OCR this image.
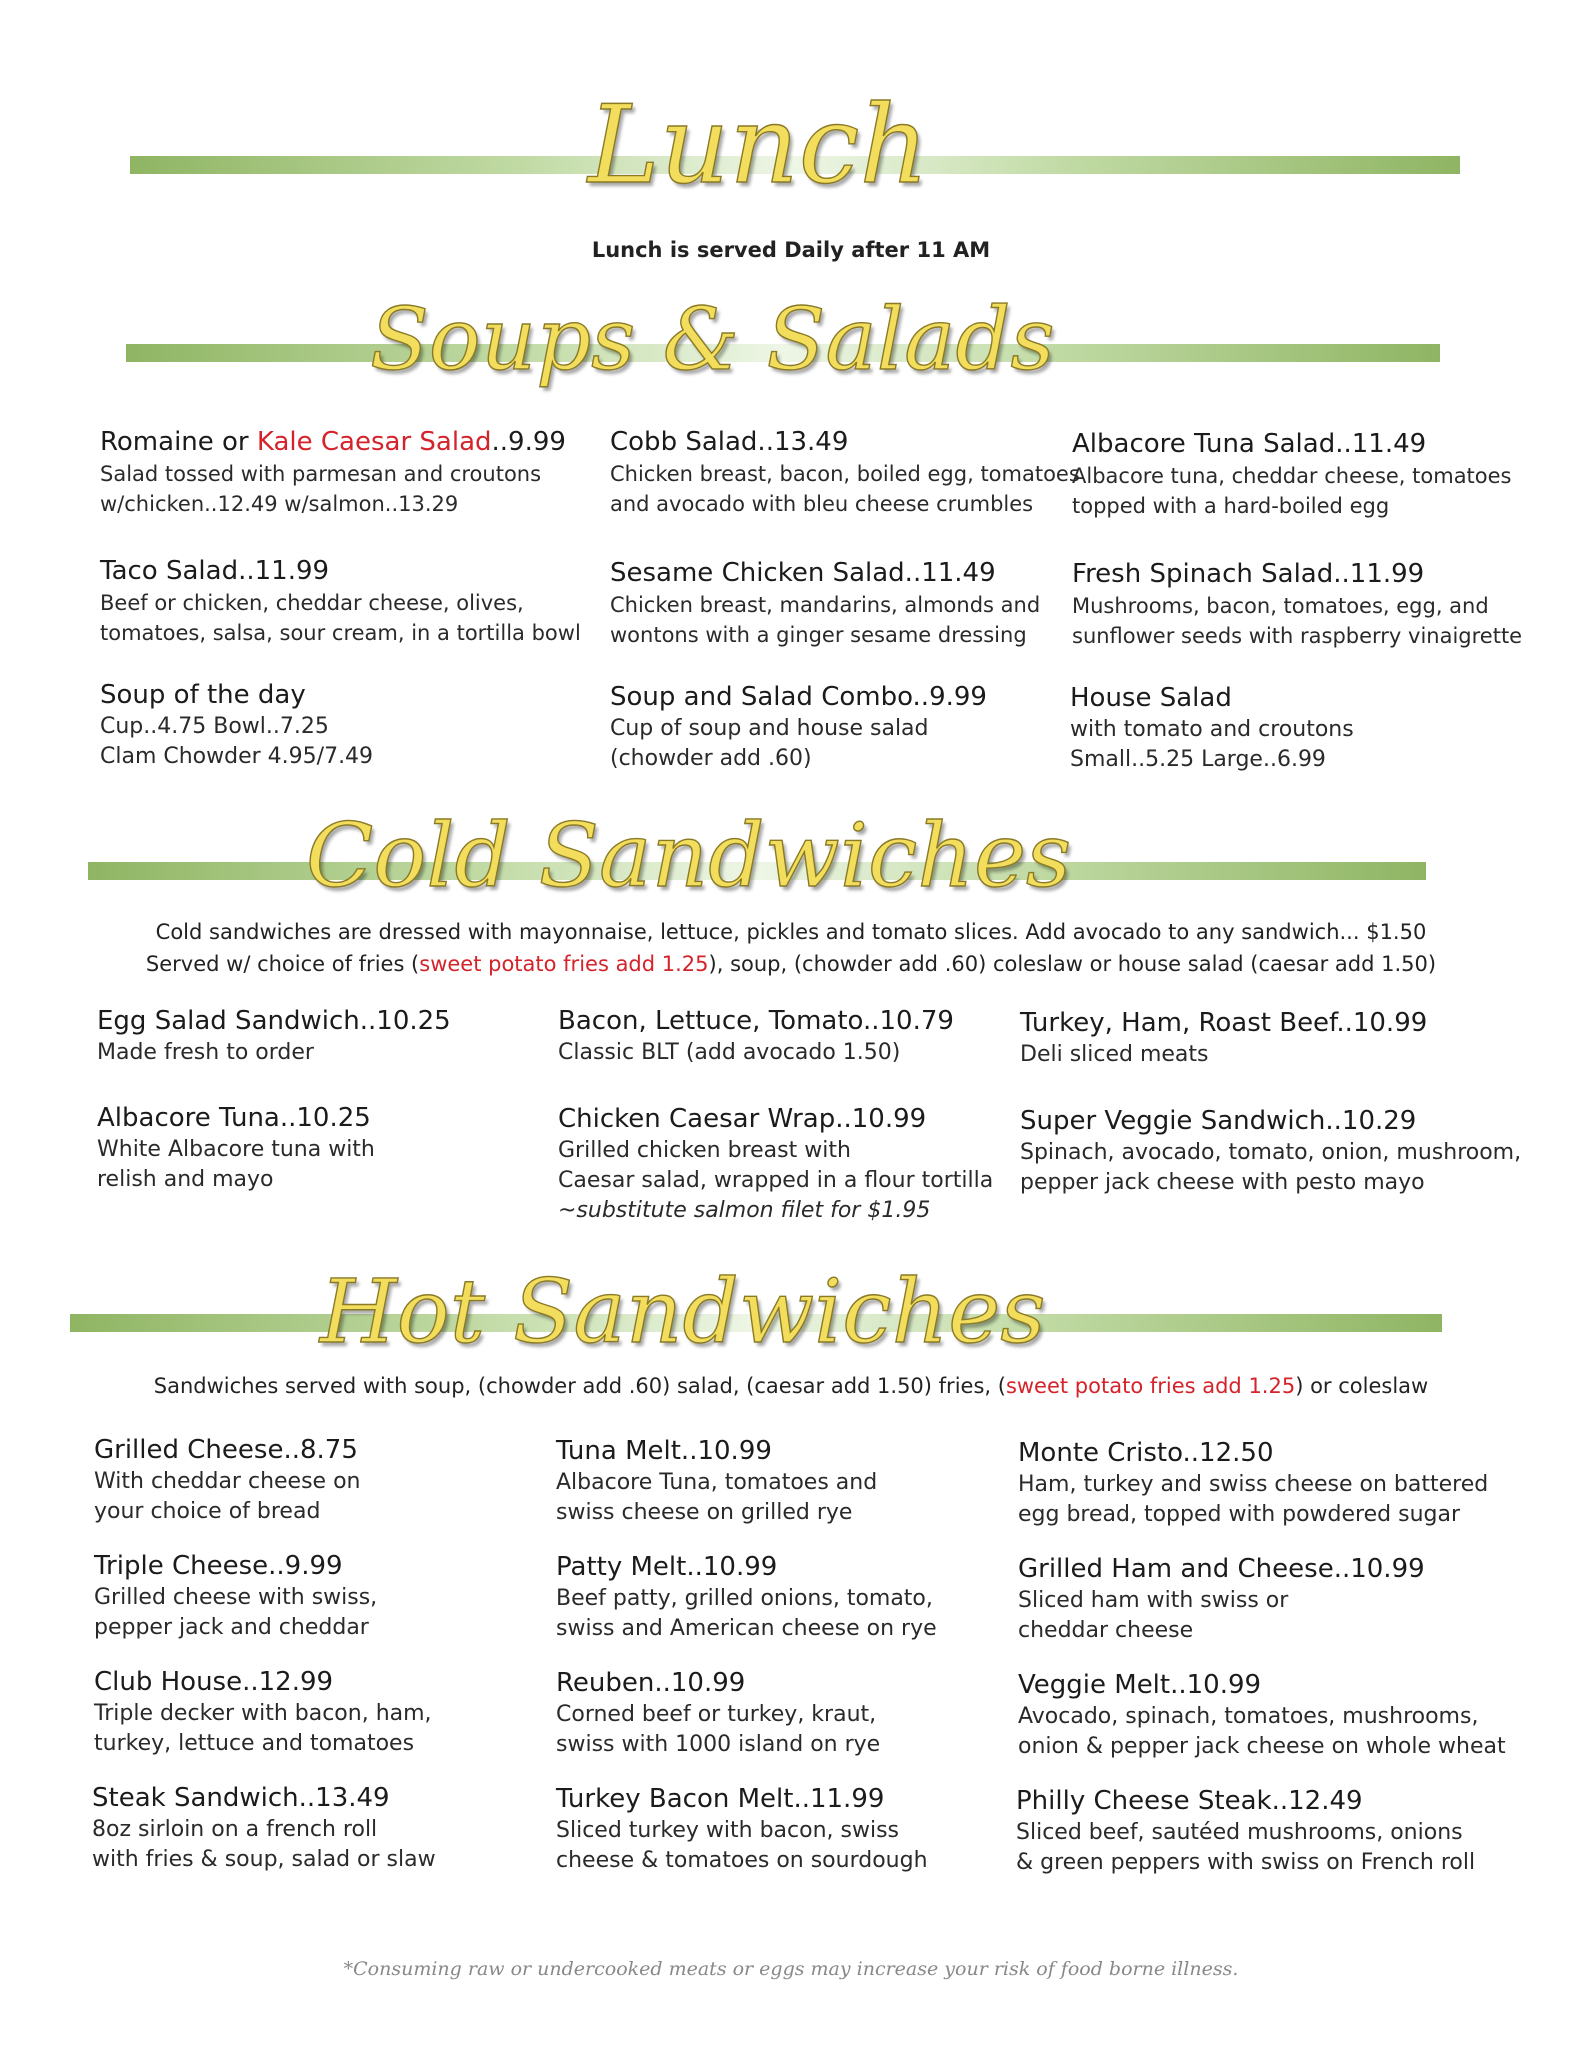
Lunch
Lunch is served Daily after 11 AM
Soups & Salads
Romaine or Kale Caesar Salad..9.99
Salad tossed with parmesan and croutons
w/chicken..12.49 w/salmon..13.29
Cobb Salad..13.49
Chicken breast, bacon, boiled egg, tomatoes
and avocado with bleu cheese crumbles
Albacore Tuna Salad..11.49
Albacore tuna, cheddar cheese, tomatoes
topped with a hard-boiled egg
Taco Salad..11.99
Beef or chicken, cheddar cheese, olives,
tomatoes, salsa, sour cream, in a tortilla bowl
Sesame Chicken Salad..11.49
Chicken breast, mandarins, almonds and
wontons with a ginger sesame dressing
Fresh Spinach Salad..11.99
Mushrooms, bacon, tomatoes, egg, and
sunflower seeds with raspberry vinaigrette
Soup of the day
Cup..4.75 Bowl..7.25
Clam Chowder 4.95/7.49
Soup and Salad Combo..9.99
Cup of soup and house salad
(chowder add .60)
House Salad
with tomato and croutons
Small..5.25 Large..6.99
Cold Sandwiches
Cold sandwiches are dressed with mayonnaise, lettuce, pickles and tomato slices. Add avocado to any sandwich... $1.50
Served w/ choice of fries (sweet potato fries add 1.25), soup, (chowder add .60) coleslaw or house salad (caesar add 1.50)
Egg Salad Sandwich..10.25
Made fresh to order
Bacon, Lettuce, Tomato..10.79
Classic BLT (add avocado 1.50)
Turkey, Ham, Roast Beef..10.99
Deli sliced meats
Albacore Tuna..10.25
White Albacore tuna with
relish and mayo
Chicken Caesar Wrap..10.99
Grilled chicken breast with
Caesar salad, wrapped in a flour tortilla
~substitute salmon filet for $1.95
Super Veggie Sandwich..10.29
Spinach, avocado, tomato, onion, mushroom,
pepper jack cheese with pesto mayo
Hot Sandwiches
Sandwiches served with soup, (chowder add .60) salad, (caesar add 1.50) fries, (sweet potato fries add 1.25) or coleslaw
Grilled Cheese..8.75
With cheddar cheese on
your choice of bread
Tuna Melt..10.99
Albacore Tuna, tomatoes and
swiss cheese on grilled rye
Monte Cristo..12.50
Ham, turkey and swiss cheese on battered
egg bread, topped with powdered sugar
Triple Cheese..9.99
Grilled cheese with swiss,
pepper jack and cheddar
Patty Melt..10.99
Beef patty, grilled onions, tomato,
swiss and American cheese on rye
Grilled Ham and Cheese..10.99
Sliced ham with swiss or
cheddar cheese
Club House..12.99
Triple decker with bacon, ham,
turkey, lettuce and tomatoes
Reuben..10.99
Corned beef or turkey, kraut,
swiss with 1000 island on rye
Veggie Melt..10.99
Avocado, spinach, tomatoes, mushrooms,
onion & pepper jack cheese on whole wheat
Steak Sandwich..13.49
8oz sirloin on a french roll
with fries & soup, salad or slaw
Turkey Bacon Melt..11.99
Sliced turkey with bacon, swiss
cheese & tomatoes on sourdough
Philly Cheese Steak..12.49
Sliced beef, sautéed mushrooms, onions
& green peppers with swiss on French roll
*Consuming raw or undercooked meats or eggs may increase your risk of food borne illness.
